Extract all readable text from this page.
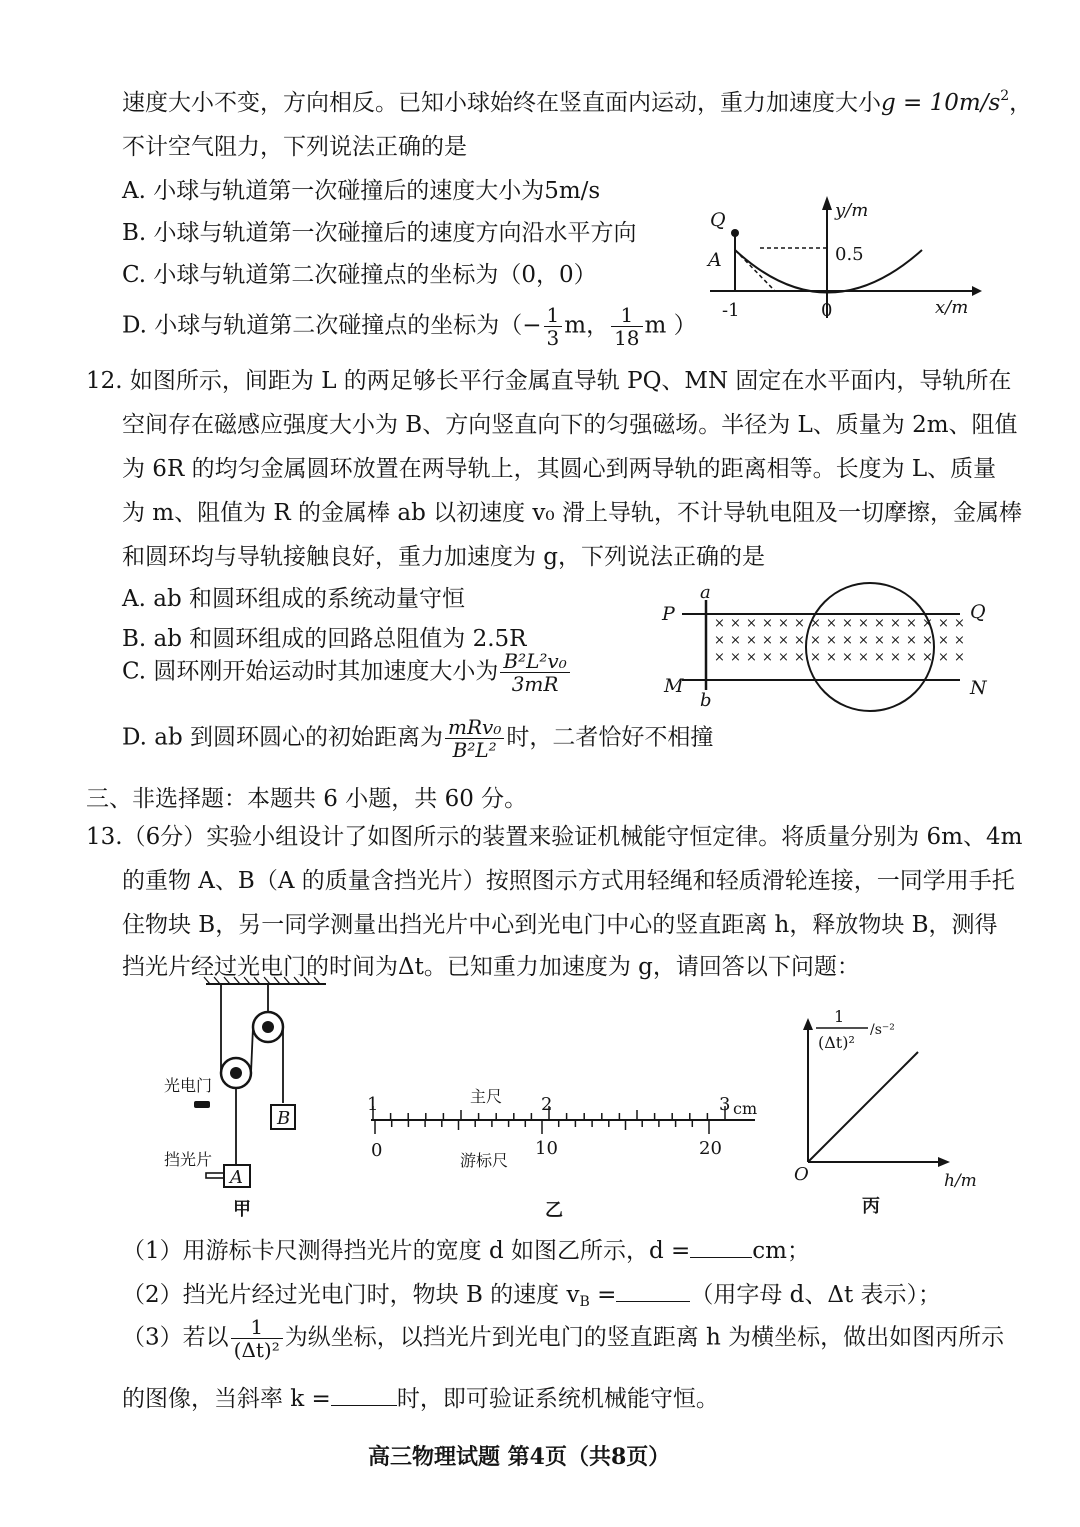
速度大小不变，方向相反。已知小球始终在竖直面内运动，重力加速度大小$g = 10m/s^2$，
不计空气阻力，下列说法正确的是
A. 小球与轨道第一次碰撞后的速度大小为5m/s
B. 小球与轨道第一次碰撞后的速度方向沿水平方向
C. 小球与轨道第二次碰撞点的坐标为（0，0）
D. 小球与轨道第二次碰撞点的坐标为（− $\frac{1}{3}$ m， $\frac{1}{18}$ m ）
Q
A
y/m
0.5
-1	0	x/m
12. 如图所示，间距为 L 的两足够长平行金属直导轨 PQ、MN 固定在水平面内，导轨所在
空间存在磁感应强度大小为 B、方向竖直向下的匀强磁场。半径为 L、质量为 2m、阻值
为 6R 的均匀金属圆环放置在两导轨上，其圆心到两导轨的距离相等。长度为 L、质量
为 m、阻值为 R 的金属棒 ab 以初速度 v₀ 滑上导轨，不计导轨电阻及一切摩擦，金属棒
和圆环均与导轨接触良好，重力加速度为 g，下列说法正确的是
A. ab 和圆环组成的系统动量守恒
B. ab 和圆环组成的回路总阻值为 2.5R
C. 圆环刚开始运动时其加速度大小为 $\frac{\text{B²L²v₀}}{3mR}$
D. ab 到圆环圆心的初始距离为 $\frac{\text{mRv₀}}{\text{B²L²}}$ 时，二者恰好不相撞
× × × × × × × × × × × × × × × ×
× × × × × × × × × × × × × × × ×
× × × × × × × × × × × × × × × ×
P	Q
M	N
a
b
三、非选择题：本题共 6 小题，共 60 分。
13.（6分）实验小组设计了如图所示的装置来验证机械能守恒定律。将质量分别为 6m、4m
的重物 A、B（A 的质量含挡光片）按照图示方式用轻绳和轻质滑轮连接，一同学用手托
住物块 B，另一同学测量出挡光片中心到光电门中心的竖直距离 h，释放物块 B，测得
挡光片经过光电门的时间为Δt。已知重力加速度为 g，请回答以下问题：
B
A
光电门
挡光片
甲
1	2	3 cm
主尺
0	10	20
游标尺
乙
1
(Δt)²
/s⁻²
O	h/m
丙
（1）用游标卡尺测得挡光片的宽度 d 如图乙所示，d =	cm；
（2）挡光片经过光电门时，物块 B 的速度 $v_B$ =	（用字母 d、Δt 表示）；
（3）若以 $\frac{1}{\text{(Δt)²}}$ 为纵坐标，以挡光片到光电门的竖直距离 h 为横坐标，做出如图丙所示
的图像，当斜率 k =	时，即可验证系统机械能守恒。
高三物理试题 第4页（共8页）
